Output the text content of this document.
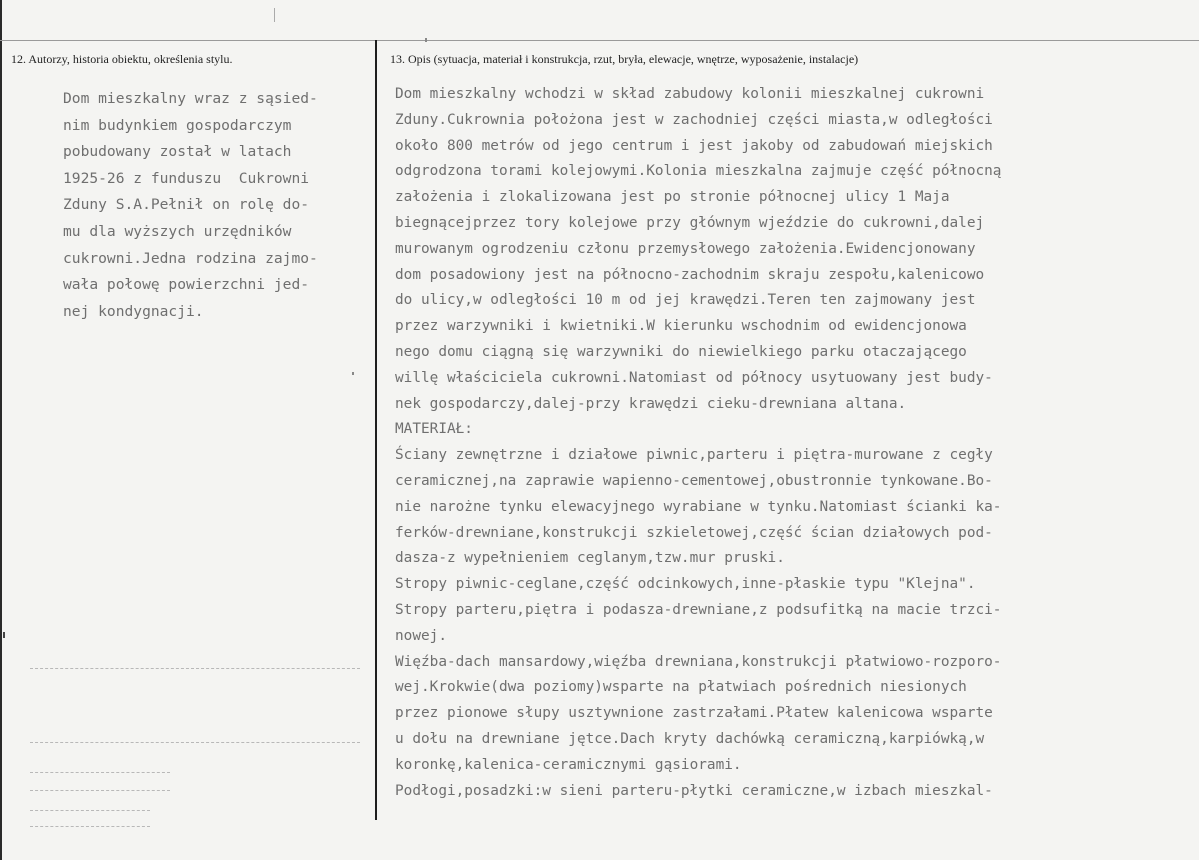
12. Autorzy, historia obiektu, określenia stylu.	13. Opis (sytuacja, materiał i konstrukcja, rzut, bryła, elewacje, wnętrze, wyposażenie, instalacje)
Dom mieszkalny wraz z sąsied-
nim budynkiem gospodarczym
pobudowany został w latach
1925-26 z funduszu  Cukrowni
Zduny S.A.Pełnił on rolę do-
mu dla wyższych urzędników
cukrowni.Jedna rodzina zajmo-
wała połowę powierzchni jed-
nej kondygnacji.
Dom mieszkalny wchodzi w skład zabudowy kolonii mieszkalnej cukrowni
Zduny.Cukrownia położona jest w zachodniej części miasta,w odległości
około 800 metrów od jego centrum i jest jakoby od zabudowań miejskich
odgrodzona torami kolejowymi.Kolonia mieszkalna zajmuje część północną
założenia i zlokalizowana jest po stronie północnej ulicy 1 Maja
biegnącejprzez tory kolejowe przy głównym wjeździe do cukrowni,dalej
murowanym ogrodzeniu członu przemysłowego założenia.Ewidencjonowany
dom posadowiony jest na północno-zachodnim skraju zespołu,kalenicowo
do ulicy,w odległości 10 m od jej krawędzi.Teren ten zajmowany jest
przez warzywniki i kwietniki.W kierunku wschodnim od ewidencjonowa
nego domu ciągną się warzywniki do niewielkiego parku otaczającego
willę właściciela cukrowni.Natomiast od północy usytuowany jest budy-
nek gospodarczy,dalej-przy krawędzi cieku-drewniana altana.
MATERIAŁ:
Ściany zewnętrzne i działowe piwnic,parteru i piętra-murowane z cegły
ceramicznej,na zaprawie wapienno-cementowej,obustronnie tynkowane.Bo-
nie narożne tynku elewacyjnego wyrabiane w tynku.Natomiast ścianki ka-
ferków-drewniane,konstrukcji szkieletowej,część ścian działowych pod-
dasza-z wypełnieniem ceglanym,tzw.mur pruski.
Stropy piwnic-ceglane,część odcinkowych,inne-płaskie typu "Klejna".
Stropy parteru,piętra i podasza-drewniane,z podsufitką na macie trzci-
nowej.
Więźba-dach mansardowy,więźba drewniana,konstrukcji płatwiowo-rozporo-
wej.Krokwie(dwa poziomy)wsparte na płatwiach pośrednich niesionych
przez pionowe słupy usztywnione zastrzałami.Płatew kalenicowa wsparte
u dołu na drewniane jętce.Dach kryty dachówką ceramiczną,karpiówką,w
koronkę,kalenica-ceramicznymi gąsiorami.
Podłogi,posadzki:w sieni parteru-płytki ceramiczne,w izbach mieszkal-
